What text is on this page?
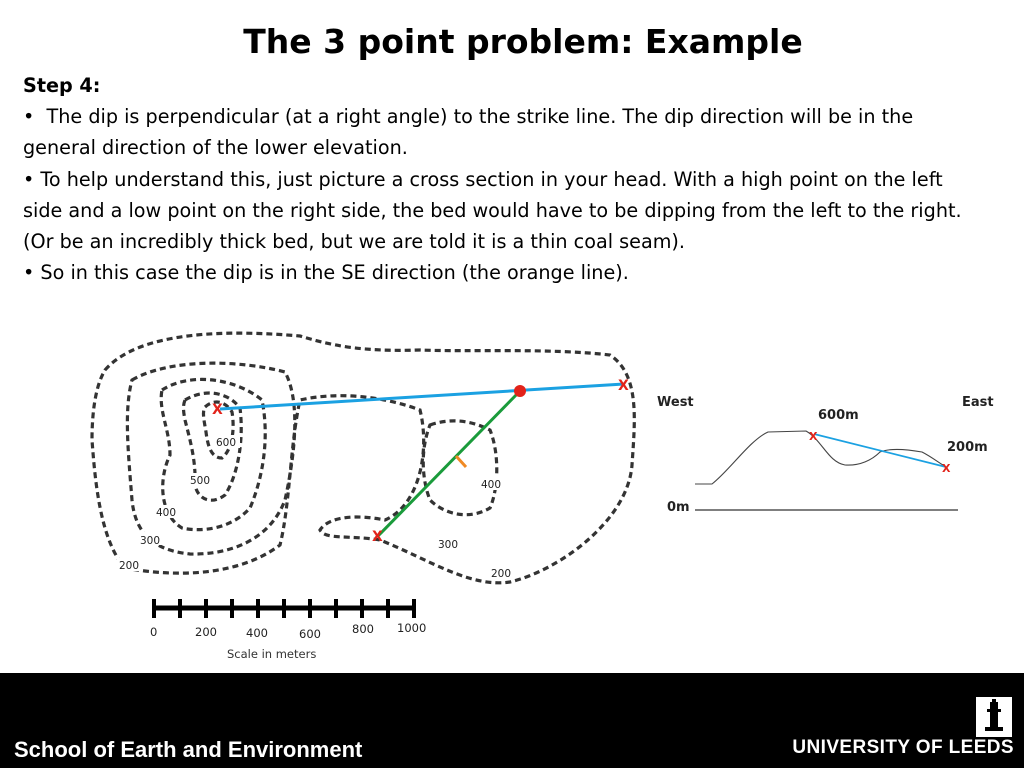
The 3 point problem: Example
Step 4:

•  The dip is perpendicular (at a right angle) to the strike line. The dip direction will be in the general direction of the lower elevation.

• To help understand this, just picture a cross section in your head. With a high point on the left side and a low point on the right side, the bed would have to be dipping from the left to the right. (Or be an incredibly thick bed, but we are told it is a thin coal seam).

• So in this case the dip is in the SE direction (the orange line).

600
500
400
300
200
400
300
200
X
X
X
0	200	400	600	800 1000
Scale in meters
West	East
600m
200m
0m
X
X
School of Earth and Environment	UNIVERSITY OF LEEDS
